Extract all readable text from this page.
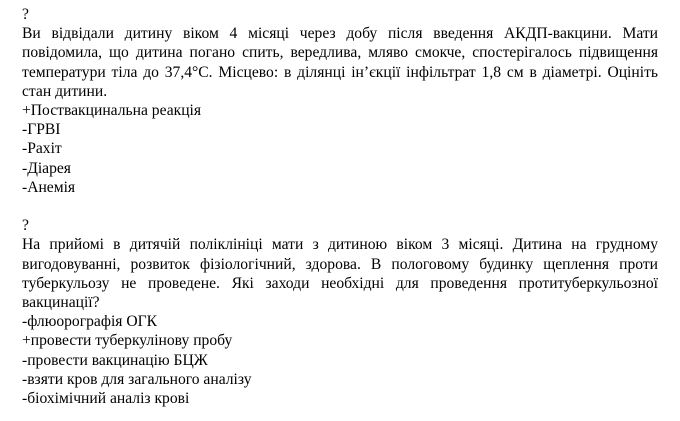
?
Ви відвідали дитину віком 4 місяці через добу після введення АКДП-вакцини. Мати повідомила, що дитина погано спить, вередлива, мляво смокче, спостерігалось підвищення температури тіла до 37,4°С. Місцево: в ділянці ін’єкції інфільтрат 1,8 см в діаметрі. Оцініть стан дитини.
+Поствакцинальна реакція
-ГРВІ
-Рахіт
-Діарея
-Анемія
?
На прийомі в дитячій поліклініці мати з дитиною віком 3 місяці. Дитина на грудному вигодовуванні, розвиток фізіологічний, здорова. В пологовому будинку щеплення проти туберкульозу не проведене. Які заходи необхідні для проведення протитуберкульозної вакцинації?
-флюорографія ОГК
+провести туберкулінову пробу
-провести вакцинацію БЦЖ
-взяти кров для загального аналізу
-біохімічний аналіз крові
